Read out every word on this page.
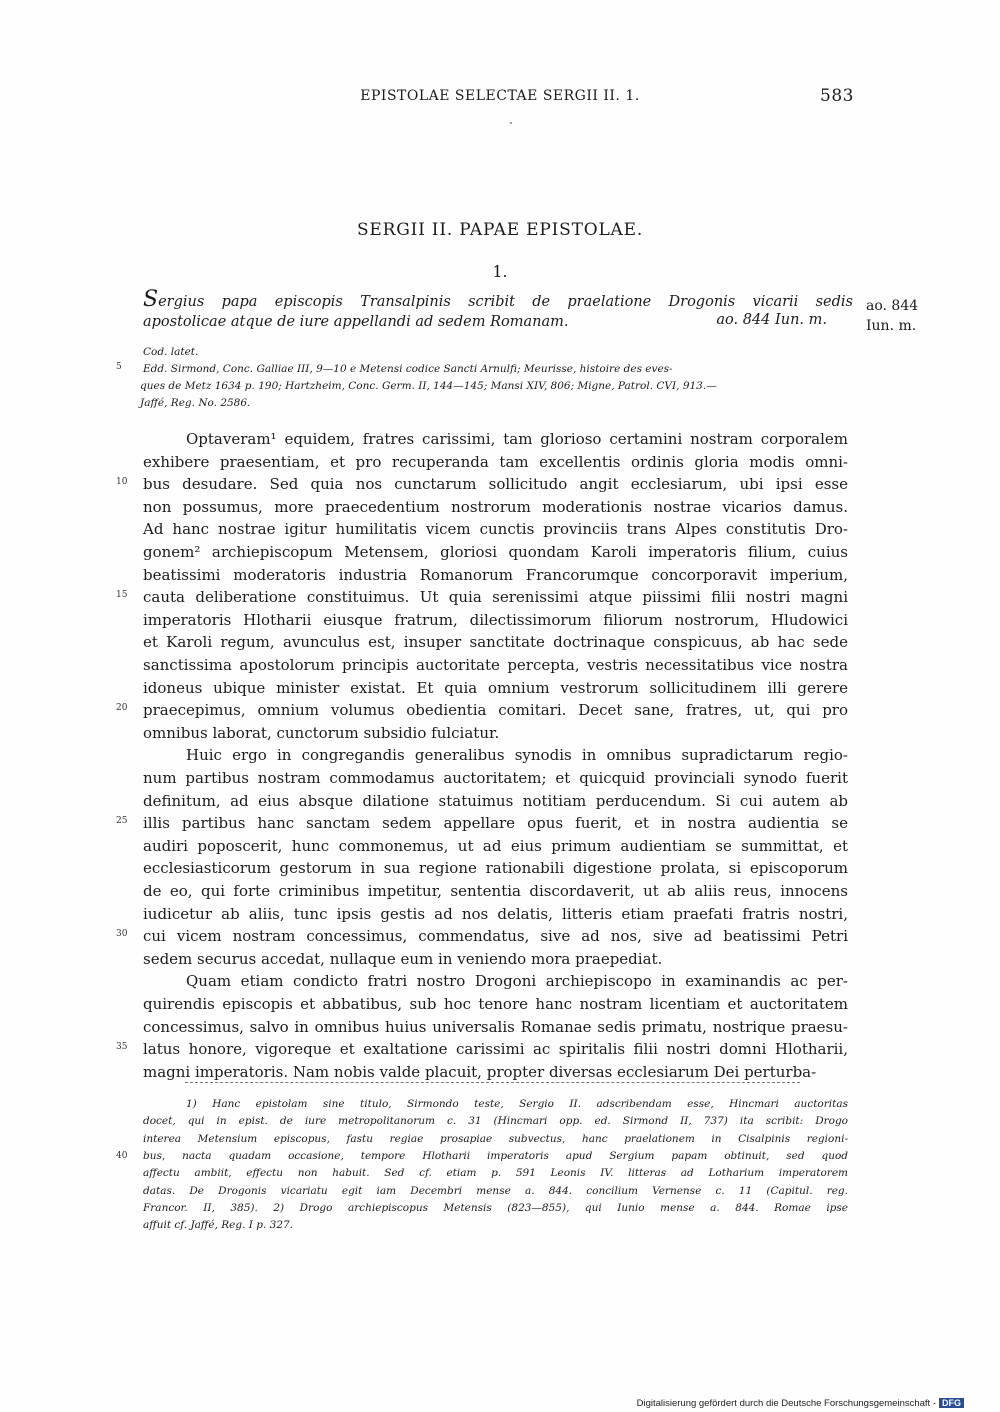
EPISTOLAE SELECTAE SERGII II. 1.	583
SERGII II. PAPAE EPISTOLAE.
1.
Sergius papa episcopis Transalpinis scribit de praelatione Drogonis vicarii sedis
apostolicae atque de iure appellandi ad sedem Romanam.	ao. 844 Iun. m.
ao. 844
Iun. m.
Cod. latet.
Edd. Sirmond, Conc. Galliae III, 9—10 e Metensi codice Sancti Arnulfi; Meurisse, histoire des eves-
ques de Metz 1634 p. 190; Hartzheim, Conc. Germ. II, 144—145; Mansi XIV, 806; Migne, Patrol. CVI, 913.—
Jaffé, Reg. No. 2586.
5
Optaveram¹ equidem, fratres carissimi, tam glorioso certamini nostram corporalem
exhibere praesentiam, et pro recuperanda tam excellentis ordinis gloria modis omni-
bus desudare. Sed quia nos cunctarum sollicitudo angit ecclesiarum, ubi ipsi esse
non possumus, more praecedentium nostrorum moderationis nostrae vicarios damus.
Ad hanc nostrae igitur humilitatis vicem cunctis provinciis trans Alpes constitutis Dro-
gonem² archiepiscopum Metensem, gloriosi quondam Karoli imperatoris filium, cuius
beatissimi moderatoris industria Romanorum Francorumque concorporavit imperium,
cauta deliberatione constituimus. Ut quia serenissimi atque piissimi filii nostri magni
imperatoris Hlotharii eiusque fratrum, dilectissimorum filiorum nostrorum, Hludowici
et Karoli regum, avunculus est, insuper sanctitate doctrinaque conspicuus, ab hac sede
sanctissima apostolorum principis auctoritate percepta, vestris necessitatibus vice nostra
idoneus ubique minister existat. Et quia omnium vestrorum sollicitudinem illi gerere
praecepimus, omnium volumus obedientia comitari. Decet sane, fratres, ut, qui pro
omnibus laborat, cunctorum subsidio fulciatur.
Huic ergo in congregandis generalibus synodis in omnibus supradictarum regio-
num partibus nostram commodamus auctoritatem; et quicquid provinciali synodo fuerit
definitum, ad eius absque dilatione statuimus notitiam perducendum. Si cui autem ab
illis partibus hanc sanctam sedem appellare opus fuerit, et in nostra audientia se
audiri poposcerit, hunc commonemus, ut ad eius primum audientiam se summittat, et
ecclesiasticorum gestorum in sua regione rationabili digestione prolata, si episcoporum
de eo, qui forte criminibus impetitur, sententia discordaverit, ut ab aliis reus, innocens
iudicetur ab aliis, tunc ipsis gestis ad nos delatis, litteris etiam praefati fratris nostri,
cui vicem nostram concessimus, commendatus, sive ad nos, sive ad beatissimi Petri
sedem securus accedat, nullaque eum in veniendo mora praepediat.
Quam etiam condicto fratri nostro Drogoni archiepiscopo in examinandis ac per-
quirendis episcopis et abbatibus, sub hoc tenore hanc nostram licentiam et auctoritatem
concessimus, salvo in omnibus huius universalis Romanae sedis primatu, nostrique praesu-
latus honore, vigoreque et exaltatione carissimi ac spiritalis filii nostri domni Hlotharii,
magni imperatoris. Nam nobis valde placuit, propter diversas ecclesiarum Dei perturba-
1) Hanc epistolam sine titulo, Sirmondo teste, Sergio II. adscribendam esse, Hincmari auctoritas
docet, qui in epist. de iure metropolitanorum c. 31 (Hincmari opp. ed. Sirmond II, 737) ita scribit: Drogo
interea Metensium episcopus, fastu regiae prosapiae subvectus, hanc praelationem in Cisalpinis regioni-
bus, nacta quadam occasione, tempore Hlotharii imperatoris apud Sergium papam obtinuit, sed quod
affectu ambiit, effectu non habuit. Sed cf. etiam p. 591 Leonis IV. litteras ad Lotharium imperatorem
datas. De Drogonis vicariatu egit iam Decembri mense a. 844. concilium Vernense c. 11 (Capitul. reg.
Francor. II, 385). 2) Drogo archiepiscopus Metensis (823—855), qui Iunio mense a. 844. Romae ipse
affuit cf. Jaffé, Reg. I p. 327.
Digitalisierung gefördert durch die Deutsche Forschungsgemeinschaft - DFG
10
15
20
25
30
35
40
